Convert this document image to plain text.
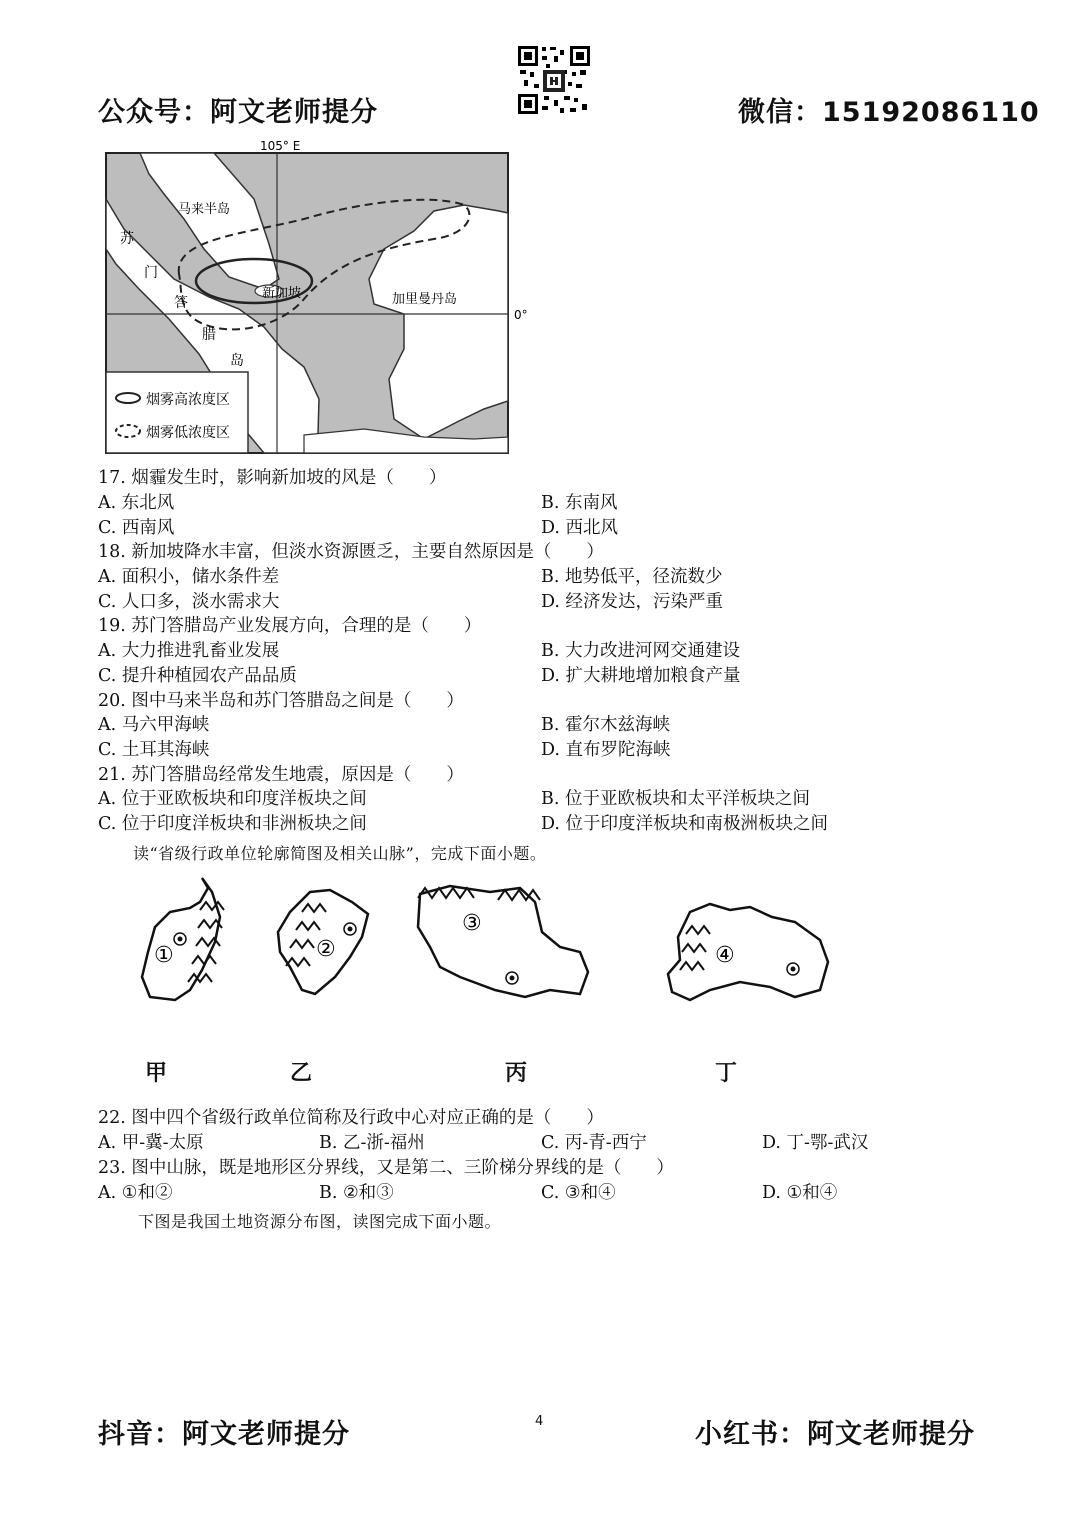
公众号：阿文老师提分	微信：15192086110
烟雾高浓度区
烟雾低浓度区
105° E
0°
马来半岛
苏
门
答
腊
岛
新加坡	加里曼丹岛
17. 烟霾发生时，影响新加坡的风是（　　）
A. 东北风	B. 东南风
C. 西南风	D. 西北风
18. 新加坡降水丰富，但淡水资源匮乏，主要自然原因是（　　）
A. 面积小，储水条件差	B. 地势低平，径流数少
C. 人口多，淡水需求大	D. 经济发达，污染严重
19. 苏门答腊岛产业发展方向，合理的是（　　）
A. 大力推进乳畜业发展	B. 大力改进河网交通建设
C. 提升种植园农产品品质	D. 扩大耕地增加粮食产量
20. 图中马来半岛和苏门答腊岛之间是（　　）
A. 马六甲海峡	B. 霍尔木兹海峡
C. 土耳其海峡	D. 直布罗陀海峡
21. 苏门答腊岛经常发生地震，原因是（　　）
A. 位于亚欧板块和印度洋板块之间	B. 位于亚欧板块和太平洋板块之间
C. 位于印度洋板块和非洲板块之间	D. 位于印度洋板块和南极洲板块之间
读“省级行政单位轮廓简图及相关山脉”，完成下面小题。
①	②
③
④
甲	乙	丙	丁
22. 图中四个省级行政单位简称及行政中心对应正确的是（　　）
A. 甲-冀-太原	B. 乙-浙-福州	C. 丙-青-西宁	D. 丁-鄂-武汉
23. 图中山脉，既是地形区分界线，又是第二、三阶梯分界线的是（　　）
A. ①和②	B. ②和③	C. ③和④	D. ①和④
下图是我国土地资源分布图，读图完成下面小题。
抖音：阿文老师提分	4	小红书：阿文老师提分
